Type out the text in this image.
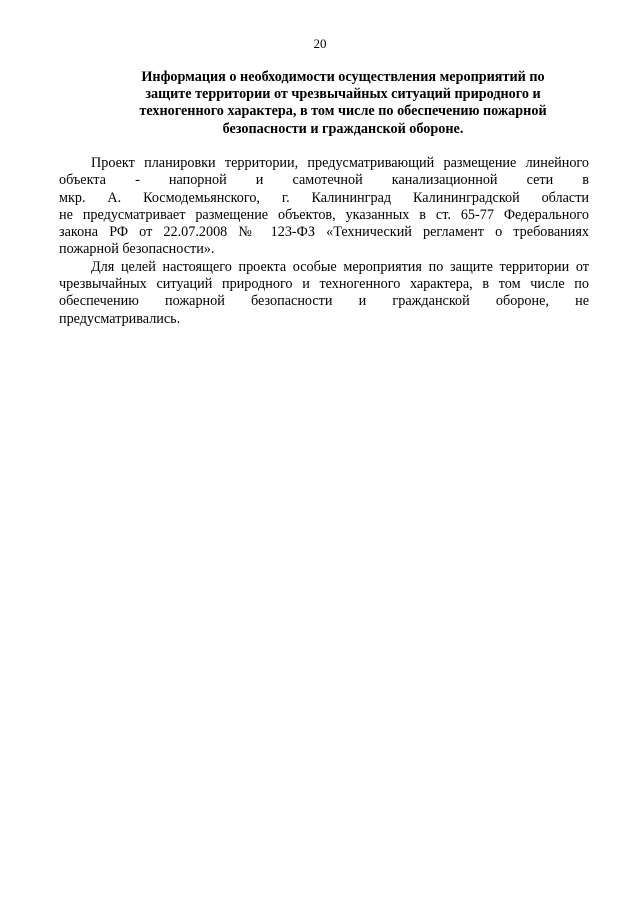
20
Информация о необходимости осуществления мероприятий по
защите территории от чрезвычайных ситуаций природного и
техногенного характера, в том числе по обеспечению пожарной
безопасности и гражданской обороне.
Проект планировки территории, предусматривающий размещение линейного
объекта - напорной и самотечной канализационной сети в
мкр. А. Космодемьянского, г. Калининград Калининградской области
не предусматривает размещение объектов, указанных в ст. 65-77 Федерального
закона РФ от 22.07.2008 № 123-ФЗ «Технический регламент о требованиях
пожарной безопасности».
Для целей настоящего проекта особые мероприятия по защите территории от
чрезвычайных ситуаций природного и техногенного характера, в том числе по
обеспечению пожарной безопасности и гражданской обороне, не
предусматривались.
